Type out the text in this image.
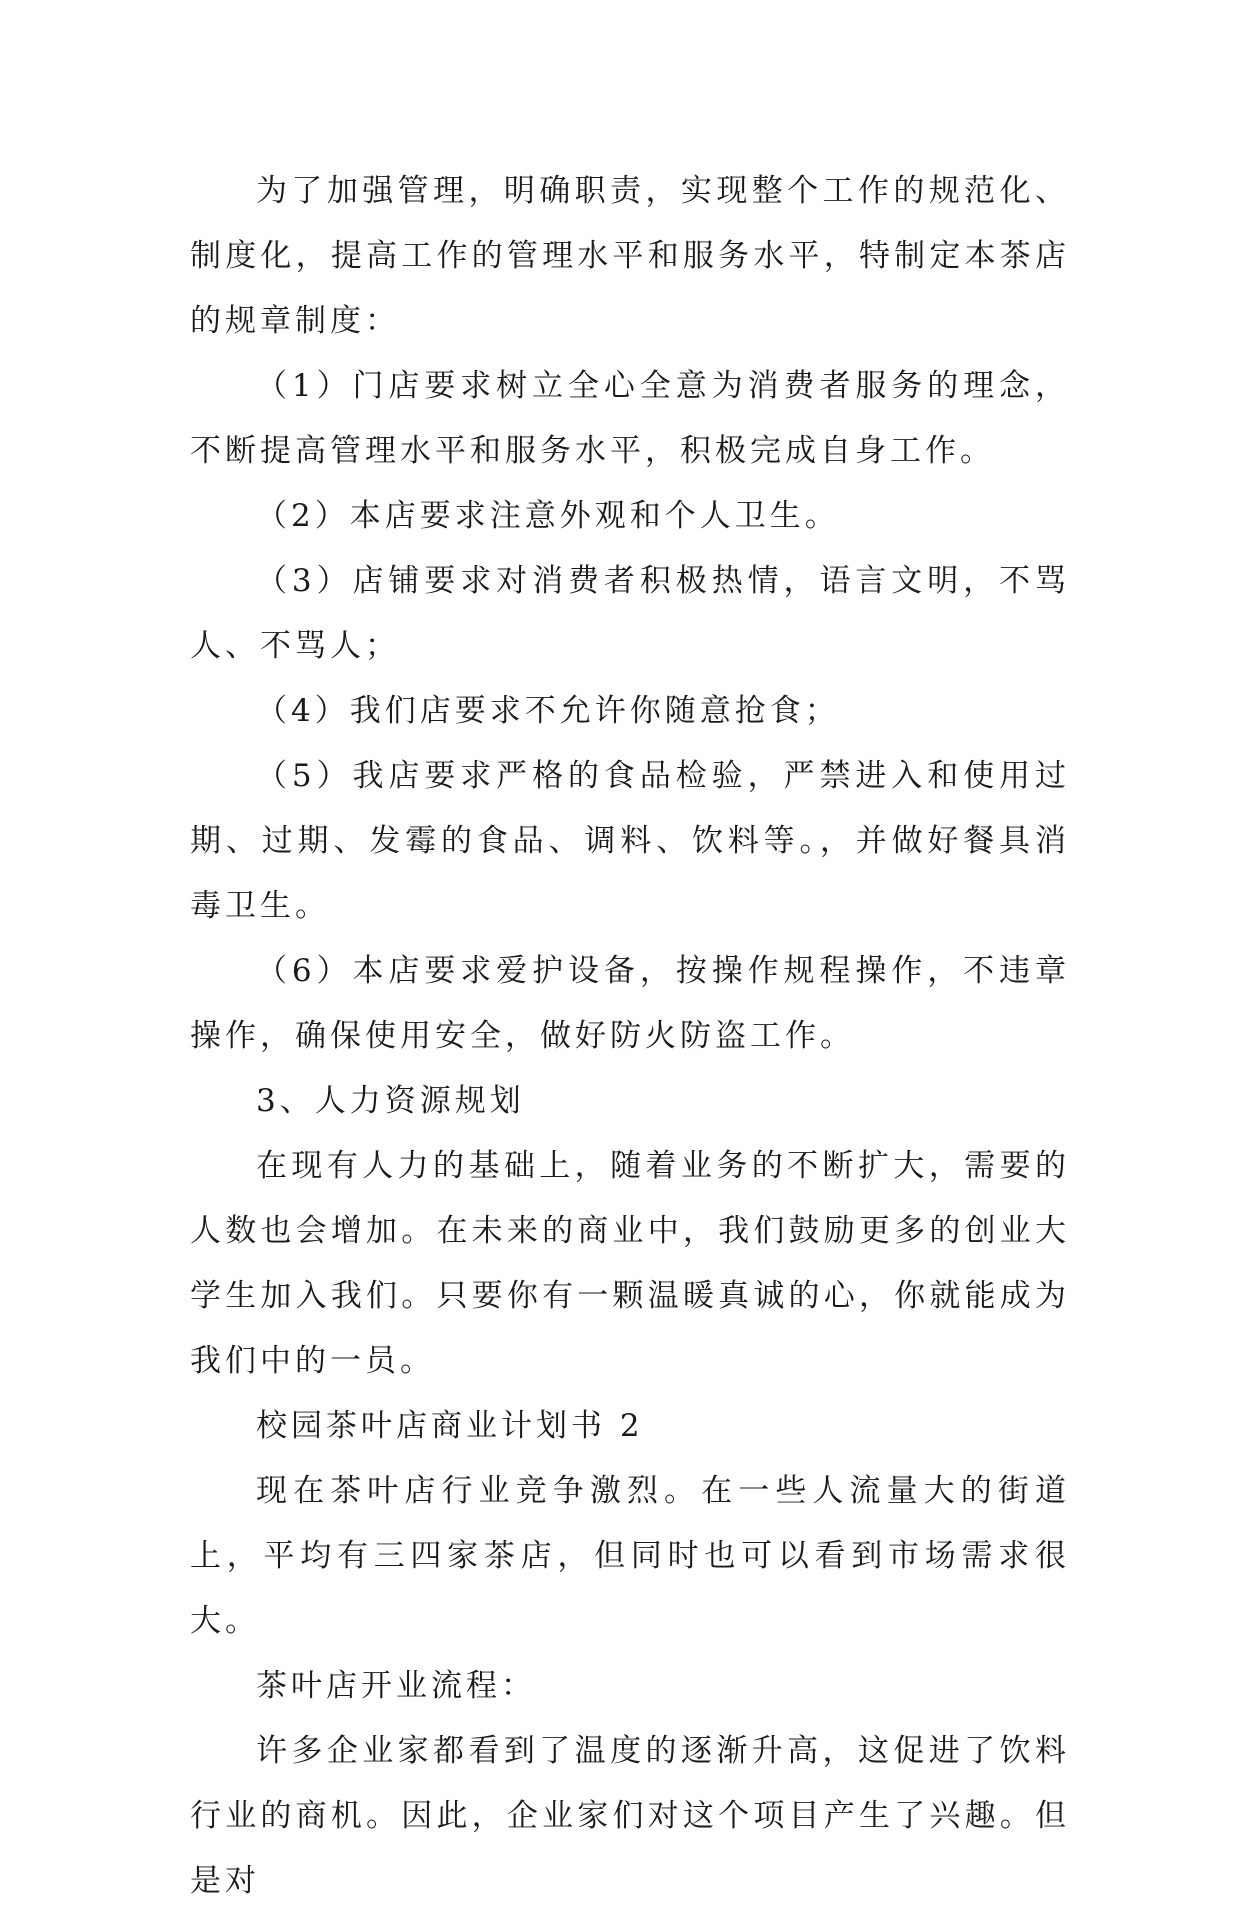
为了加强管理，明确职责，实现整个工作的规范化、制度化，提高工作的管理水平和服务水平，特制定本茶店的规章制度：

（1）门店要求树立全心全意为消费者服务的理念，不断提高管理水平和服务水平，积极完成自身工作。

（2）本店要求注意外观和个人卫生。

（3）店铺要求对消费者积极热情，语言文明，不骂人、不骂人；

（4）我们店要求不允许你随意抢食；

（5）我店要求严格的食品检验，严禁进入和使用过期、过期、发霉的食品、调料、饮料等。，并做好餐具消毒卫生。

（6）本店要求爱护设备，按操作规程操作，不违章操作，确保使用安全，做好防火防盗工作。

3、人力资源规划

在现有人力的基础上，随着业务的不断扩大，需要的人数也会增加。在未来的商业中，我们鼓励更多的创业大学生加入我们。只要你有一颗温暖真诚的心，你就能成为我们中的一员。

校园茶叶店商业计划书 2

现在茶叶店行业竞争激烈。在一些人流量大的街道上，平均有三四家茶店，但同时也可以看到市场需求很大。

茶叶店开业流程：

许多企业家都看到了温度的逐渐升高，这促进了饮料行业的商机。因此，企业家们对这个项目产生了兴趣。但是对
